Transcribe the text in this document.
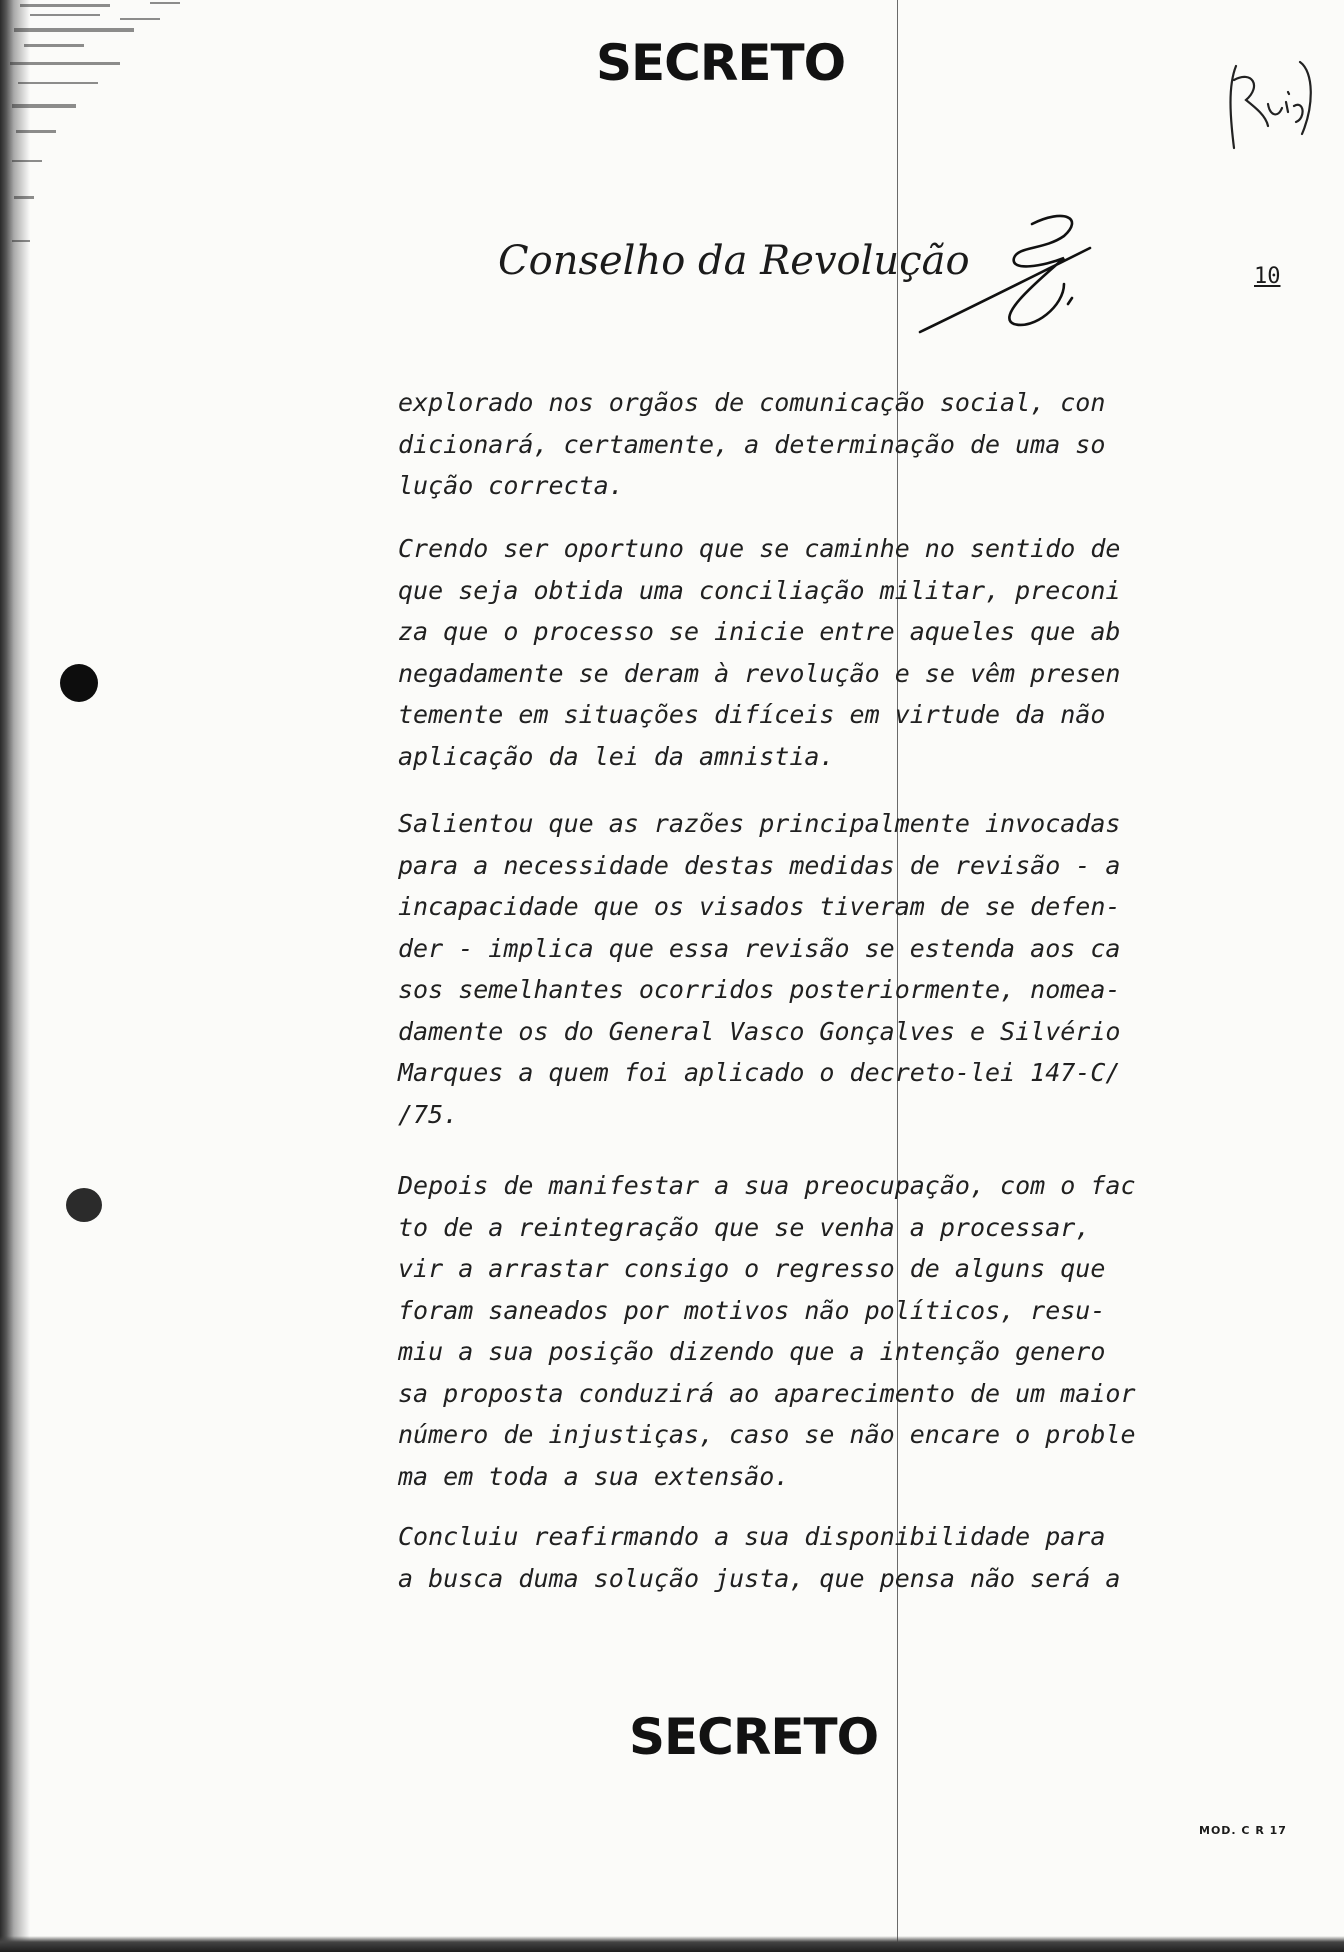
SECRETO
Conselho da Revolução	10
explorado nos orgãos de comunicação social, con
dicionará, certamente, a determinação de uma so
lução correcta.
Crendo ser oportuno que se caminhe no sentido de
que seja obtida uma conciliação militar, preconi
za que o processo se inicie entre aqueles que ab
negadamente se deram à revolução e se vêm presen
temente em situações difíceis em virtude da não
aplicação da lei da amnistia.
Salientou que as razões principalmente invocadas
para a necessidade destas medidas de revisão - a
incapacidade que os visados tiveram de se defen-
der - implica que essa revisão se estenda aos ca
sos semelhantes ocorridos posteriormente, nomea-
damente os do General Vasco Gonçalves e Silvério
Marques a quem foi aplicado o decreto-lei 147-C/
/75.
Depois de manifestar a sua preocupação, com o fac
to de a reintegração que se venha a processar,
vir a arrastar consigo o regresso de alguns que
foram saneados por motivos não políticos, resu-
miu a sua posição dizendo que a intenção genero
sa proposta conduzirá ao aparecimento de um maior
número de injustiças, caso se não encare o proble
ma em toda a sua extensão.
Concluiu reafirmando a sua disponibilidade para
a busca duma solução justa, que pensa não será a
SECRETO
MOD. C R 17
